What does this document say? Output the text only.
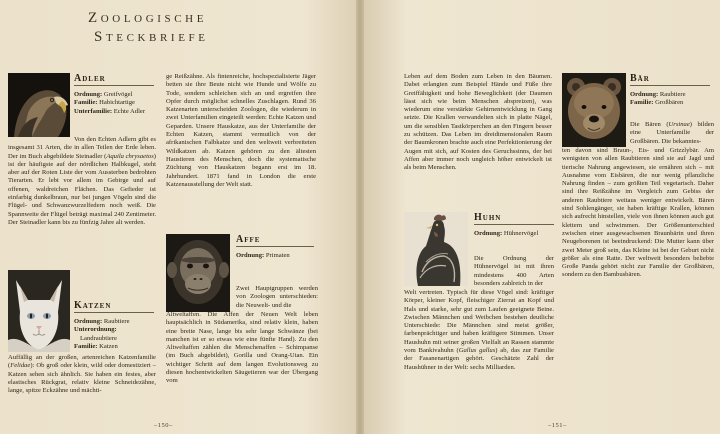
Zoologische
Steckbriefe
Adler
Ordnung: Greifvögel
Familie: Habichtartige
Unterfamilie: Echte Adler

Von den Echten Adlern gibt es insgesamt 31 Arten, die in allen Teilen der Erde leben. Der im Buch abgebildete Steinadler (Aquila chrysaetos) ist der häufigste auf der nördlichen Halbkugel, steht aber auf der Roten Liste der vom Aussterben bedrohten Tierarten. Er lebt vor allem im Gebirge und auf offenen, waldreichen Flächen. Das Gefieder ist einfarbig dunkelbraun, nur bei jungen Vögeln sind die Flügel- und Schwanzwurzelfedern noch weiß. Die Spannweite der Flügel beträgt maximal 240 Zentimeter. Der Steinadler kann bis zu fünfzig Jahre alt werden.

Katzen
Ordnung: Raubtiere
Unterordnung:
Landraubtiere
Familie: Katzen

Auffällig an der großen, artenreichen Katzenfamilie (Felidae): Ob groß oder klein, wild oder domestiziert – Katzen sehen sich ähnlich. Sie haben ein festes, aber elastisches Rückgrat, relativ kleine Schneidezähne, lange, spitze Eckzähne und mächti-

ge Reißzähne. Als fintenreiche, hochspezialisierte Jäger betten sie ihre Beute nicht wie Hunde und Wölfe zu Tode, sondern schleichen sich an und ergreifen ihre Opfer durch möglichst schnelles Zuschlagen. Rund 36 Katzenarten unterscheiden Zoologen, die wiederum in zwei Unterfamilien eingeteilt werden: Echte Katzen und Geparden. Unsere Hauskatze, aus der Unterfamilie der Echten Katzen, stammt vermutlich von der afrikanischen Falbkatze und den weltweit verbreiteten Wildkatzen ab. Katzen gehören zu den ältesten Haustieren des Menschen, doch die systematische Züchtung von Hauskatzen begann erst im 18. Jahrhundert. 1871 fand in London die erste Katzenausstellung der Welt statt.

Affe
Ordnung: Primaten

Zwei Hauptgruppen werden von Zoologen unterschieden: die Neuwelt- und die

Altweltaffen. Die Affen der Neuen Welt leben hauptsächlich in Südamerika, sind relativ klein, haben eine breite Nase, lange bis sehr lange Schwänze (bei manchen ist er so etwas wie eine fünfte Hand). Zu den Altweltaffen zählen die Menschenaffen – Schimpanse (im Buch abgebildet), Gorilla und Orang-Utan. Ein wichtiger Schritt auf dem langen Evolutionsweg zu diesen hochentwickelten Säugetieren war der Übergang vom

–150–

Leben auf dem Boden zum Leben in den Bäumen. Dabei erlangten zum Beispiel Hände und Füße ihre Greiffähigkeit und hohe Beweglichkeit (der Daumen lässt sich wie beim Menschen abspreizen), was wiederum eine verstärkte Gehirnentwicklung in Gang setzte. Die Krallen verwandelten sich in platte Nägel, um die sensiblen Tastkörperchen an den Fingern besser zu schützen. Das Leben im dreidimensionalen Raum der Baumkronen brachte auch eine Perfektionierung der Augen mit sich, auf Kosten des Geruchssinns, der bei Affen aber immer noch ungleich höher entwickelt ist als beim Menschen.

Huhn
Ordnung: Hühnervögel

Die Ordnung der Hühnervögel ist mit ihren mindestens 400 Arten besonders zahlreich in der

Welt vertreten. Typisch für diese Vögel sind: kräftiger Körper, kleiner Kopf, fleischiger Zierrat an Kopf und Hals und starke, sehr gut zum Laufen geeignete Beine. Zwischen Männchen und Weibchen bestehen deutliche Unterschiede: Die Männchen sind meist größer, farbenprächtiger und haben kräftigere Stimmen. Unser Haushuhn mit seiner großen Vielfalt an Rassen stammte vom Bankivahuhn (Gallus gallus) ab, das zur Familie der Fasanenartigen gehört. Geschätzte Zahl der Haushühner in der Welt: sechs Milliarden.

Bär
Ordnung: Raubtiere
Familie: Großbären

Die Bären (Ursinae) bilden eine Unterfamilie der Großbären. Die bekanntes-

ten davon sind Braun-, Eis- und Grizzlybär. Am wenigsten von allen Raubtieren sind sie auf Jagd und tierische Nahrung angewiesen, sie ernähren sich – mit Ausnahme vom Eisbären, die nur wenig pflanzliche Nahrung finden – zum größten Teil vegetarisch. Daher sind ihre Reißzähne im Vergleich zum Gebiss der anderen Raubtiere weitaus weniger entwickelt. Bären sind Sohlengänger, sie haben kräftige Krallen, können sich aufrecht hinstellen, viele von ihnen können auch gut klettern und schwimmen. Der Größenunterschied zwischen einer ausgewachsenen Braunbärin und ihren Neugeborenen ist beeindruckend: Die Mutter kann über zwei Meter groß sein, das Kleine ist bei der Geburt nicht größer als eine Ratte. Der weltweit besonders beliebte Große Panda gehört nicht zur Familie der Großbären, sondern zu den Bambusbären.

–151–
